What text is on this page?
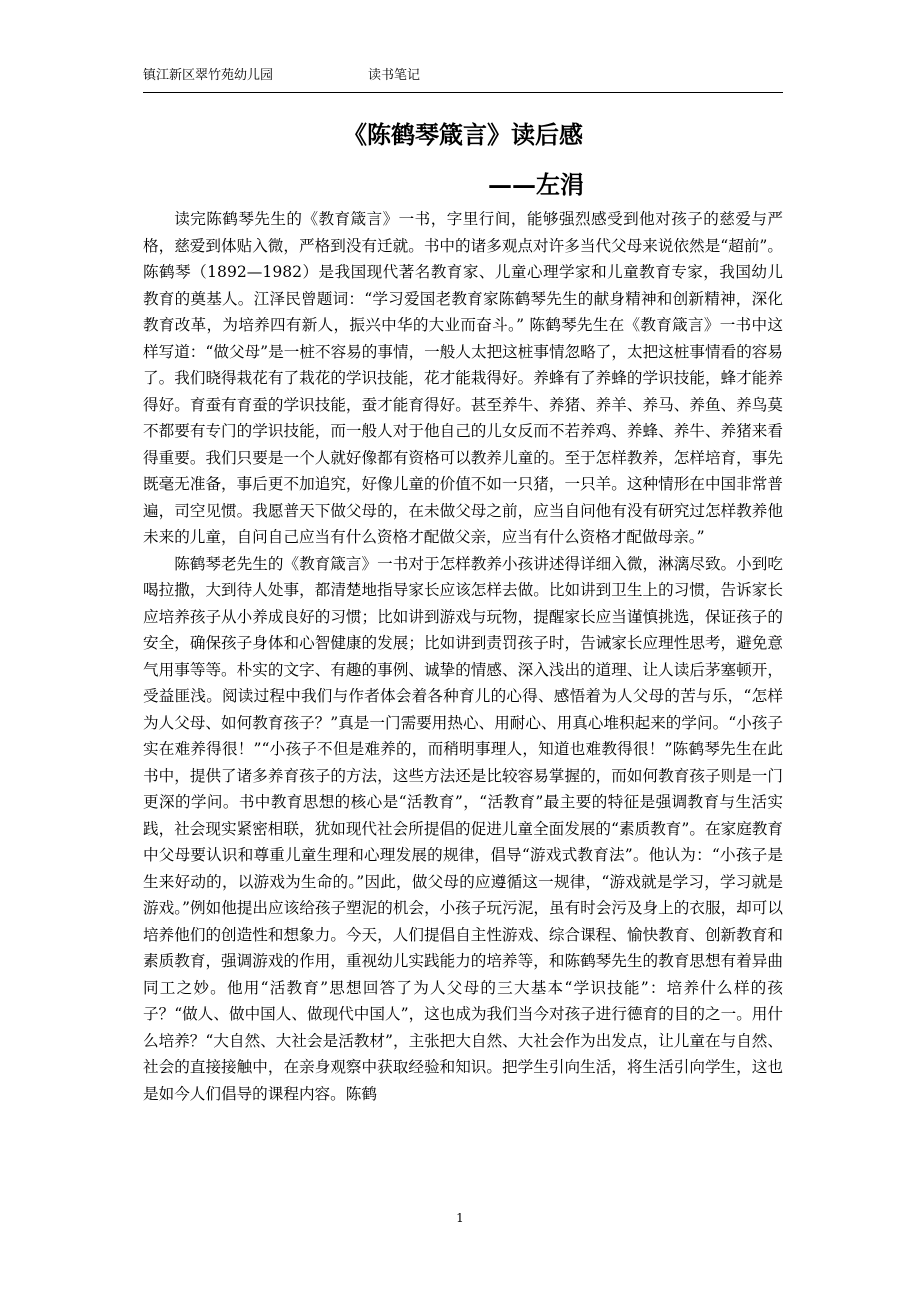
镇江新区翠竹苑幼儿园	读书笔记
《陈鹤琴箴言》读后感
——左涓

读完陈鹤琴先生的《教育箴言》一书，字里行间，能够强烈感受到他对孩子的慈爱与严格，慈爱到体贴入微，严格到没有迁就。书中的诸多观点对许多当代父母来说依然是“超前”。 陈鹤琴（1892—1982）是我国现代著名教育家、儿童心理学家和儿童教育专家，我国幼儿教育的奠基人。江泽民曾题词：“学习爱国老教育家陈鹤琴先生的献身精神和创新精神，深化教育改革，为培养四有新人，振兴中华的大业而奋斗。” 陈鹤琴先生在《教育箴言》一书中这样写道：“做父母”是一桩不容易的事情，一般人太把这桩事情忽略了，太把这桩事情看的容易了。我们晓得栽花有了栽花的学识技能，花才能栽得好。养蜂有了养蜂的学识技能，蜂才能养得好。育蚕有育蚕的学识技能，蚕才能育得好。甚至养牛、养猪、养羊、养马、养鱼、养鸟莫不都要有专门的学识技能，而一般人对于他自己的儿女反而不若养鸡、养蜂、养牛、养猪来看得重要。我们只要是一个人就好像都有资格可以教养儿童的。至于怎样教养，怎样培育，事先既毫无准备，事后更不加追究，好像儿童的价值不如一只猪，一只羊。这种情形在中国非常普遍，司空见惯。我愿普天下做父母的，在未做父母之前，应当自问他有没有研究过怎样教养他未来的儿童，自问自己应当有什么资格才配做父亲，应当有什么资格才配做母亲。”

陈鹤琴老先生的《教育箴言》一书对于怎样教养小孩讲述得详细入微，淋漓尽致。小到吃喝拉撒，大到待人处事，都清楚地指导家长应该怎样去做。比如讲到卫生上的习惯，告诉家长应培养孩子从小养成良好的习惯；比如讲到游戏与玩物，提醒家长应当谨慎挑选，保证孩子的安全，确保孩子身体和心智健康的发展；比如讲到责罚孩子时，告诫家长应理性思考，避免意气用事等等。朴实的文字、有趣的事例、诚挚的情感、深入浅出的道理、让人读后茅塞顿开，受益匪浅。阅读过程中我们与作者体会着各种育儿的心得、感悟着为人父母的苦与乐，“怎样为人父母、如何教育孩子？”真是一门需要用热心、用耐心、用真心堆积起来的学问。“小孩子实在难养得很！”“小孩子不但是难养的，而稍明事理人，知道也难教得很！”陈鹤琴先生在此书中，提供了诸多养育孩子的方法，这些方法还是比较容易掌握的，而如何教育孩子则是一门更深的学问。书中教育思想的核心是“活教育”，“活教育”最主要的特征是强调教育与生活实践，社会现实紧密相联，犹如现代社会所提倡的促进儿童全面发展的“素质教育”。在家庭教育中父母要认识和尊重儿童生理和心理发展的规律，倡导“游戏式教育法”。他认为：“小孩子是生来好动的，以游戏为生命的。”因此，做父母的应遵循这一规律，“游戏就是学习，学习就是游戏。”例如他提出应该给孩子塑泥的机会，小孩子玩污泥，虽有时会污及身上的衣服，却可以培养他们的创造性和想象力。今天，人们提倡自主性游戏、综合课程、愉快教育、创新教育和素质教育，强调游戏的作用，重视幼儿实践能力的培养等，和陈鹤琴先生的教育思想有着异曲同工之妙。他用“活教育”思想回答了为人父母的三大基本“学识技能”：培养什么样的孩子？“做人、做中国人、做现代中国人”，这也成为我们当今对孩子进行德育的目的之一。用什么培养？“大自然、大社会是活教材”，主张把大自然、大社会作为出发点，让儿童在与自然、社会的直接接触中，在亲身观察中获取经验和知识。把学生引向生活，将生活引向学生，这也是如今人们倡导的课程内容。陈鹤

1
